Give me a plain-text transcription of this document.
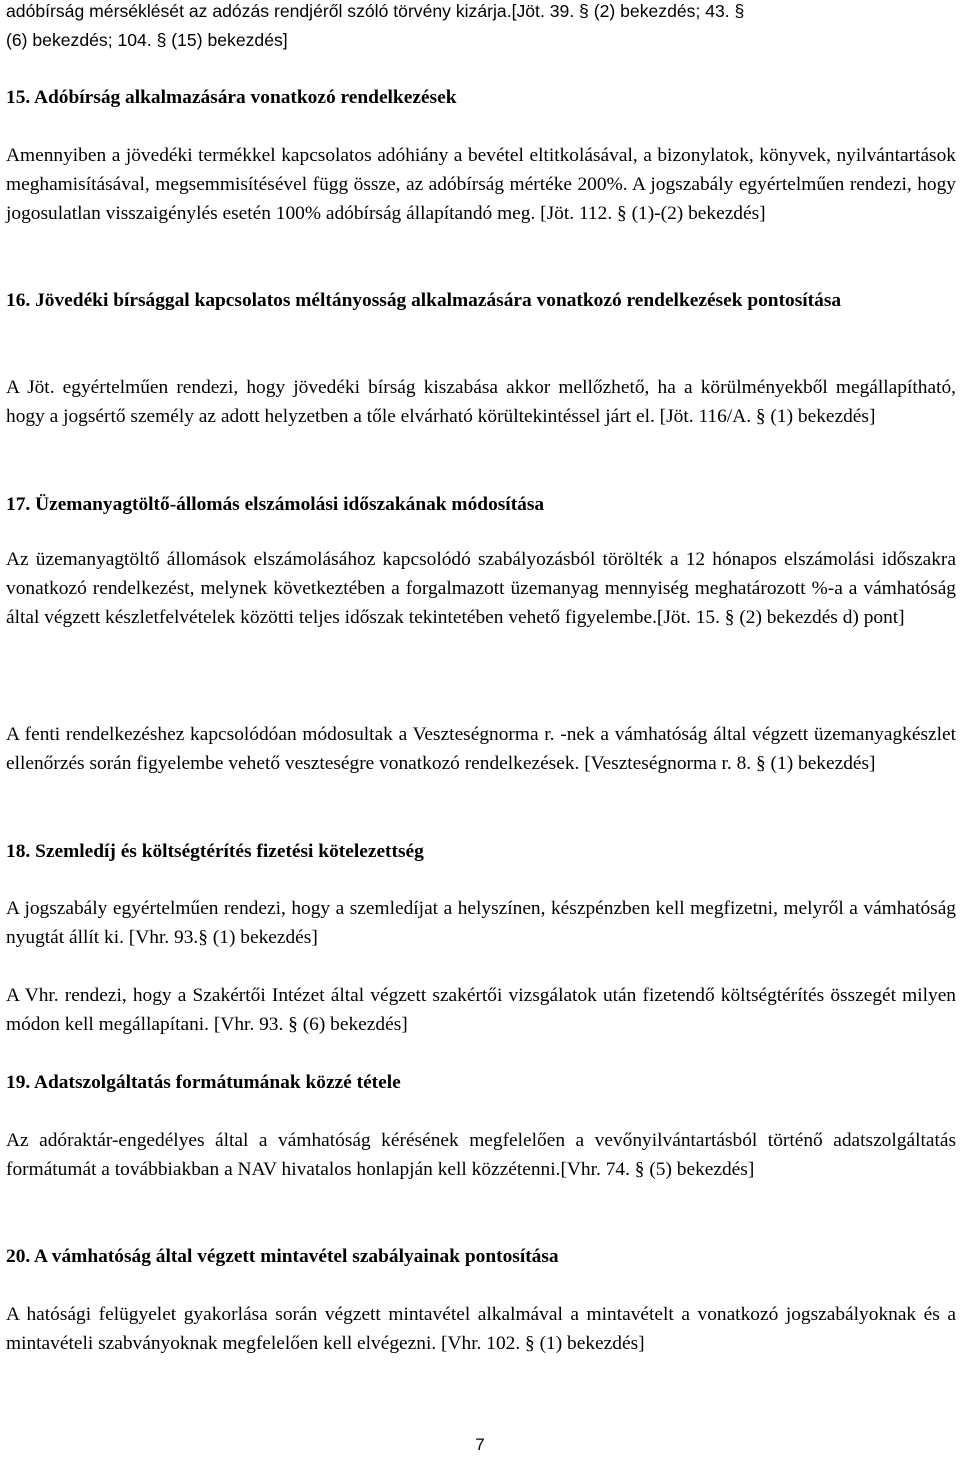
adóbírság mérséklését az adózás rendjéről szóló törvény kizárja.[Jöt. 39. § (2) bekezdés; 43. §
(6) bekezdés; 104. § (15) bekezdés]

15. Adóbírság alkalmazására vonatkozó rendelkezések

Amennyiben a jövedéki termékkel kapcsolatos adóhiány a bevétel eltitkolásával, a bizonylatok, könyvek, nyilvántartások meghamisításával, megsemmisítésével függ össze, az adóbírság mértéke 200%. A jogszabály egyértelműen rendezi, hogy jogosulatlan visszaigénylés esetén 100% adóbírság állapítandó meg. [Jöt. 112. § (1)-(2) bekezdés]

16. Jövedéki bírsággal kapcsolatos méltányosság alkalmazására vonatkozó rendelkezések pontosítása

A Jöt. egyértelműen rendezi, hogy jövedéki bírság kiszabása akkor mellőzhető, ha a körülményekből megállapítható, hogy a jogsértő személy az adott helyzetben a tőle elvárható körültekintéssel járt el. [Jöt. 116/A. § (1) bekezdés]

17. Üzemanyagtöltő-állomás elszámolási időszakának módosítása

Az üzemanyagtöltő állomások elszámolásához kapcsolódó szabályozásból törölték a 12 hónapos elszámolási időszakra vonatkozó rendelkezést, melynek következtében a forgalmazott üzemanyag mennyiség meghatározott %-a a vámhatóság által végzett készletfelvételek közötti teljes időszak tekintetében vehető figyelembe.[Jöt. 15. § (2) bekezdés d) pont]

A fenti rendelkezéshez kapcsolódóan módosultak a Veszteségnorma r. -nek a vámhatóság által végzett üzemanyagkészlet ellenőrzés során figyelembe vehető veszteségre vonatkozó rendelkezések. [Veszteségnorma r. 8. § (1) bekezdés]

18. Szemledíj és költségtérítés fizetési kötelezettség

A jogszabály egyértelműen rendezi, hogy a szemledíjat a helyszínen, készpénzben kell megfizetni, melyről a vámhatóság nyugtát állít ki. [Vhr. 93.§ (1) bekezdés]

A Vhr. rendezi, hogy a Szakértői Intézet által végzett szakértői vizsgálatok után fizetendő költségtérítés összegét milyen módon kell megállapítani. [Vhr. 93. § (6) bekezdés]

19. Adatszolgáltatás formátumának közzé tétele

Az adóraktár-engedélyes által a vámhatóság kérésének megfelelően a vevőnyilvántartásból történő adatszolgáltatás formátumát a továbbiakban a NAV hivatalos honlapján kell közzétenni.[Vhr. 74. § (5) bekezdés]

20. A vámhatóság által végzett mintavétel szabályainak pontosítása

A hatósági felügyelet gyakorlása során végzett mintavétel alkalmával a mintavételt a vonatkozó jogszabályoknak és a mintavételi szabványoknak megfelelően kell elvégezni. [Vhr. 102. § (1) bekezdés]

7
